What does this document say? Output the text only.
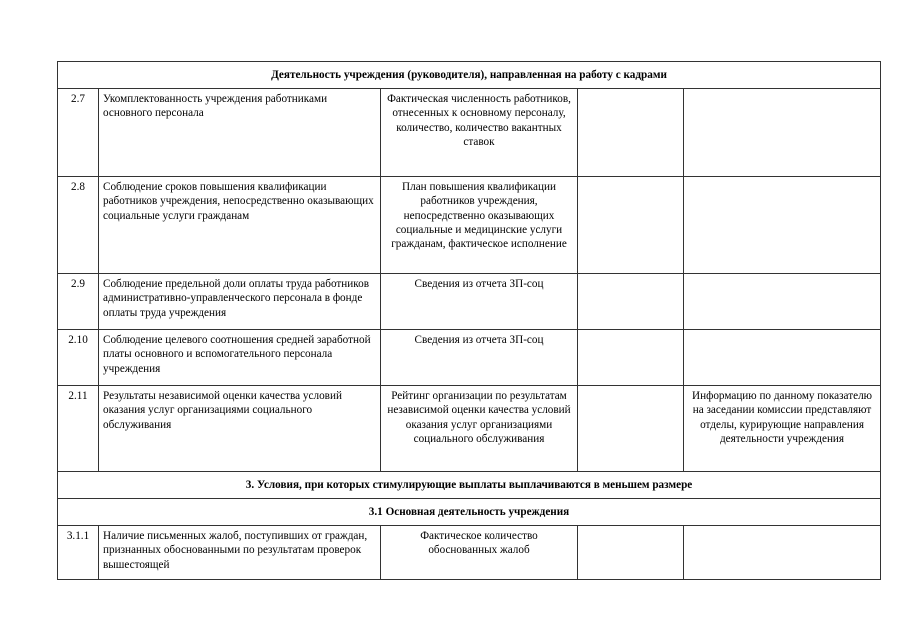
Деятельность учреждения (руководителя), направленная на работу с кадрами				
2.7	Укомплектованность учреждения работниками основного персонала	Фактическая численность работников, отнесенных к основному персоналу, количество, количество вакантных ставок		
2.8	Соблюдение сроков повышения квалификации работников учреждения, непосредственно оказывающих социальные услуги гражданам	План повышения квалификации работников учреждения, непосредственно оказывающих социальные и медицинские услуги гражданам, фактическое исполнение		
2.9	Соблюдение предельной доли оплаты труда работников административно-управленческого персонала в фонде оплаты труда учреждения	Сведения из отчета ЗП-соц		
2.10	Соблюдение целевого соотношения средней заработной платы основного и вспомогательного персонала учреждения	Сведения из отчета ЗП-соц		
2.11	Результаты независимой оценки качества условий оказания услуг организациями социального обслуживания	Рейтинг организации по результатам независимой оценки качества условий оказания услуг организациями социального обслуживания		Информацию по данному показателю на заседании комиссии представляют отделы, курирующие направления деятельности учреждения
3. Условия, при которых стимулирующие выплаты выплачиваются в меньшем размере				
3.1 Основная деятельность учреждения				
3.1.1	Наличие письменных жалоб, поступивших от граждан, признанных обоснованными по результатам проверок вышестоящей	Фактическое количество обоснованных жалоб		
